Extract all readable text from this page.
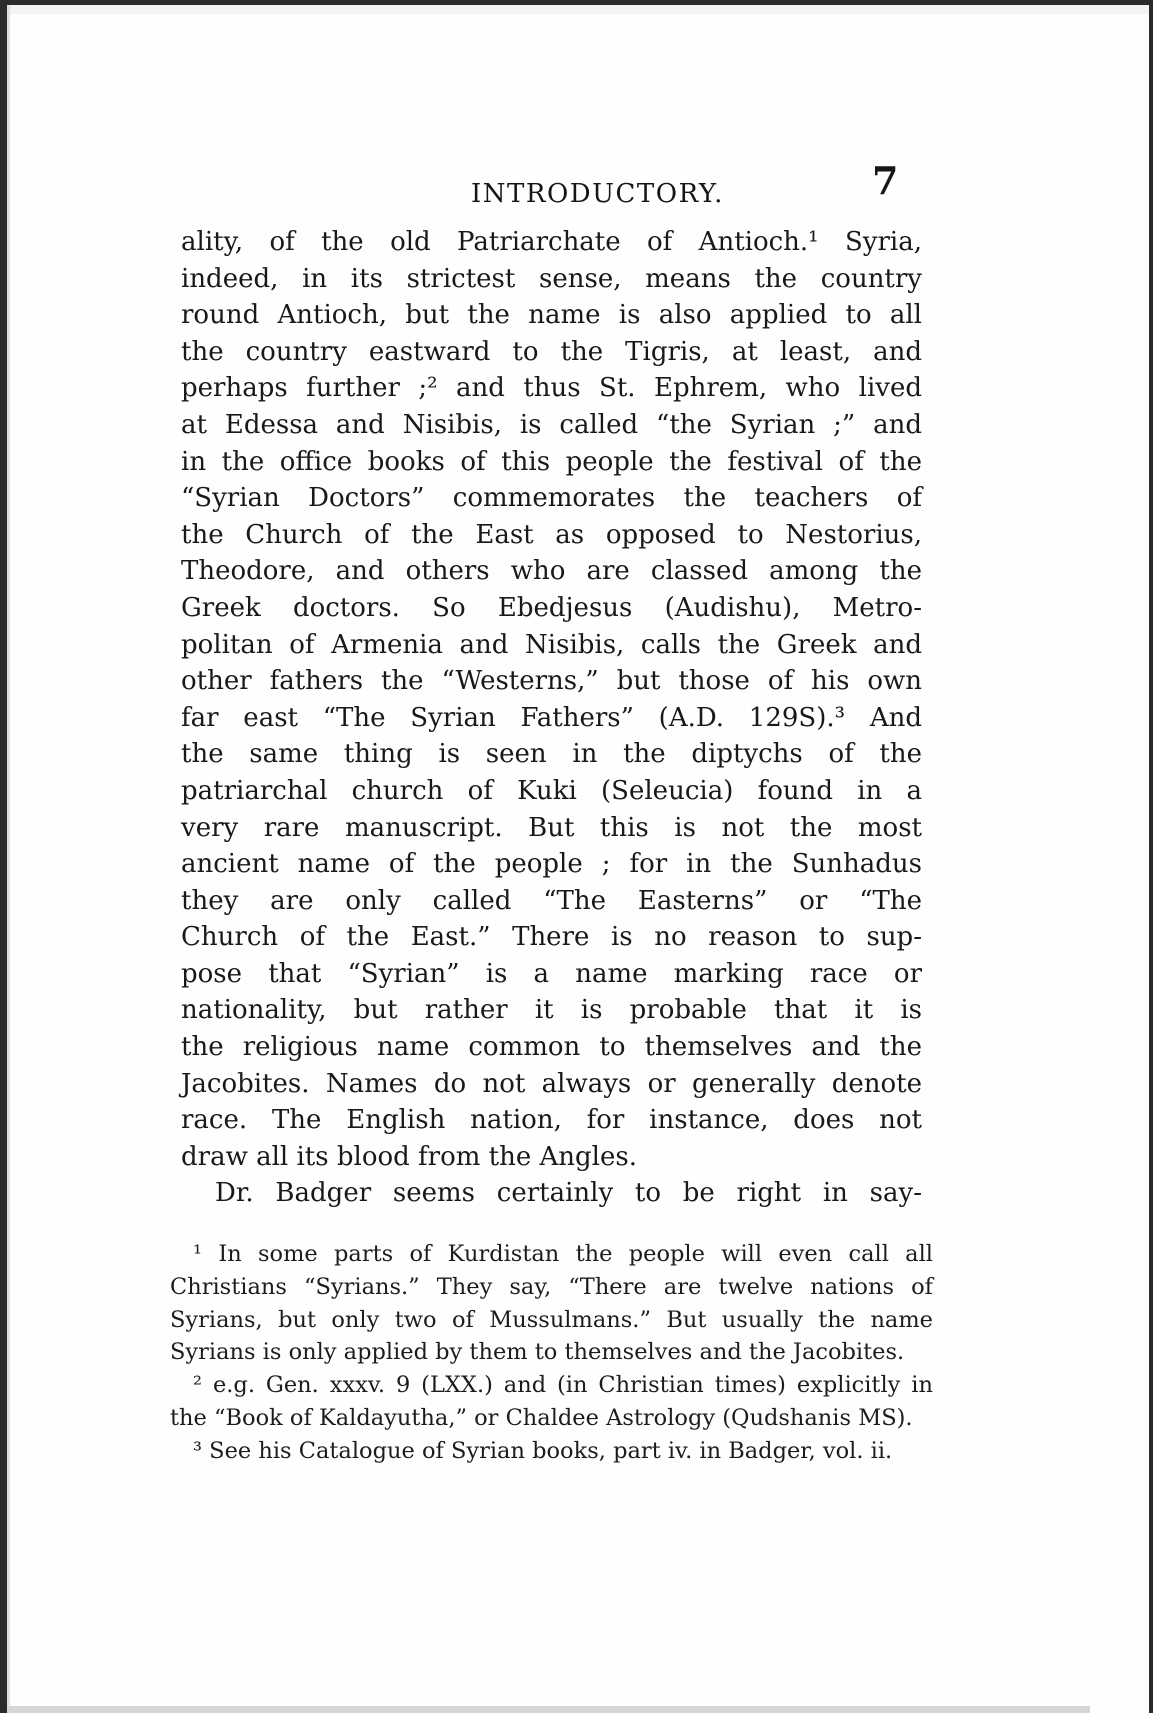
INTRODUCTORY.	7
ality, of the old Patriarchate of Antioch.¹ Syria,
indeed, in its strictest sense, means the country
round Antioch, but the name is also applied to all
the country eastward to the Tigris, at least, and
perhaps further ;² and thus St. Ephrem, who lived
at Edessa and Nisibis, is called “the Syrian ;” and
in the office books of this people the festival of the
“Syrian Doctors” commemorates the teachers of
the Church of the East as opposed to Nestorius,
Theodore, and others who are classed among the
Greek doctors. So Ebedjesus (Audishu), Metro-
politan of Armenia and Nisibis, calls the Greek and
other fathers the “Westerns,” but those of his own
far east “The Syrian Fathers” (A.D. 129S).³ And
the same thing is seen in the diptychs of the
patriarchal church of Kuki (Seleucia) found in a
very rare manuscript. But this is not the most
ancient name of the people ; for in the Sunhadus
they are only called “The Easterns” or “The
Church of the East.” There is no reason to sup-
pose that “Syrian” is a name marking race or
nationality, but rather it is probable that it is
the religious name common to themselves and the
Jacobites. Names do not always or generally denote
race. The English nation, for instance, does not
draw all its blood from the Angles.
Dr. Badger seems certainly to be right in say-
¹ In some parts of Kurdistan the people will even call all
Christians “Syrians.” They say, “There are twelve nations of
Syrians, but only two of Mussulmans.” But usually the name
Syrians is only applied by them to themselves and the Jacobites.
² e.g. Gen. xxxv. 9 (LXX.) and (in Christian times) explicitly in
the “Book of Kaldayutha,” or Chaldee Astrology (Qudshanis MS).
³ See his Catalogue of Syrian books, part iv. in Badger, vol. ii.
